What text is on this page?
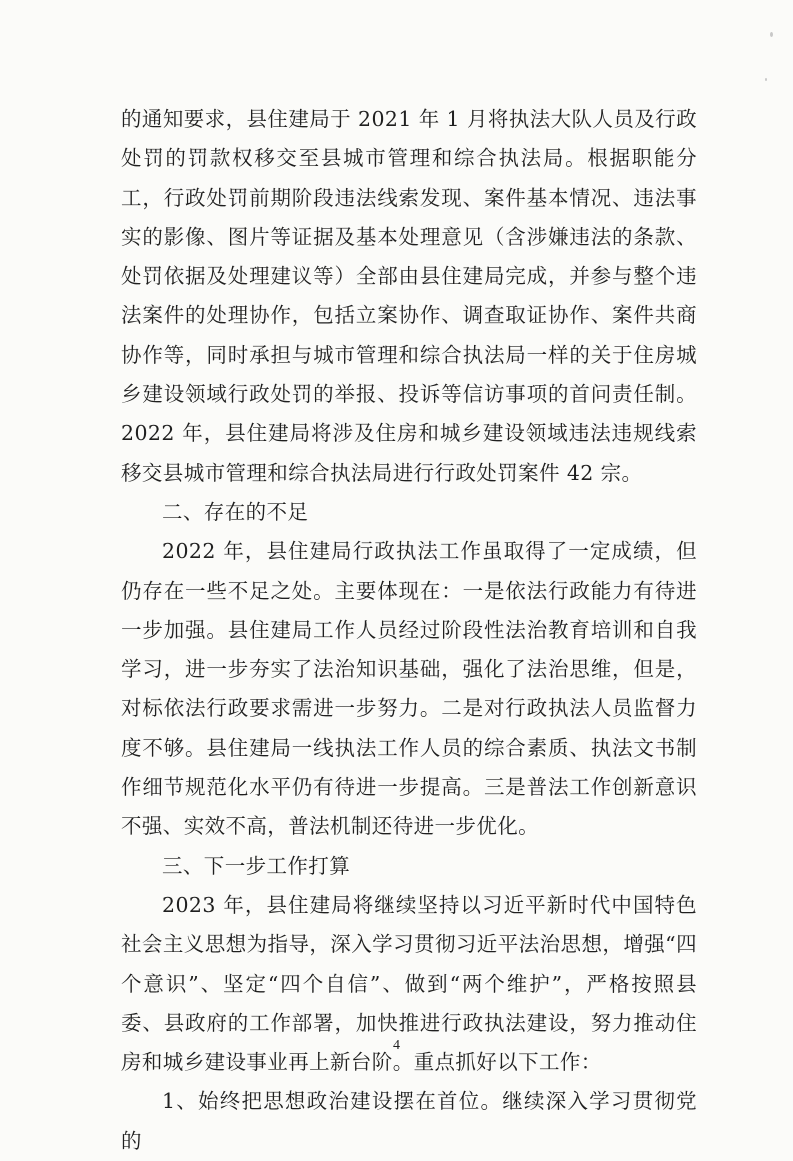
的通知要求，县住建局于 2021 年 1 月将执法大队人员及行政处罚的罚款权移交至县城市管理和综合执法局。根据职能分工，行政处罚前期阶段违法线索发现、案件基本情况、违法事实的影像、图片等证据及基本处理意见（含涉嫌违法的条款、处罚依据及处理建议等）全部由县住建局完成，并参与整个违法案件的处理协作，包括立案协作、调查取证协作、案件共商协作等，同时承担与城市管理和综合执法局一样的关于住房城乡建设领域行政处罚的举报、投诉等信访事项的首问责任制。2022 年，县住建局将涉及住房和城乡建设领域违法违规线索移交县城市管理和综合执法局进行行政处罚案件 42 宗。

二、存在的不足

2022 年，县住建局行政执法工作虽取得了一定成绩，但仍存在一些不足之处。主要体现在：一是依法行政能力有待进一步加强。县住建局工作人员经过阶段性法治教育培训和自我学习，进一步夯实了法治知识基础，强化了法治思维，但是，对标依法行政要求需进一步努力。二是对行政执法人员监督力度不够。县住建局一线执法工作人员的综合素质、执法文书制作细节规范化水平仍有待进一步提高。三是普法工作创新意识不强、实效不高，普法机制还待进一步优化。

三、下一步工作打算

2023 年，县住建局将继续坚持以习近平新时代中国特色社会主义思想为指导，深入学习贯彻习近平法治思想，增强“四个意识”、坚定“四个自信”、做到“两个维护”，严格按照县委、县政府的工作部署，加快推进行政执法建设，努力推动住房和城乡建设事业再上新台阶。重点抓好以下工作：

1、始终把思想政治建设摆在首位。继续深入学习贯彻党的

4
